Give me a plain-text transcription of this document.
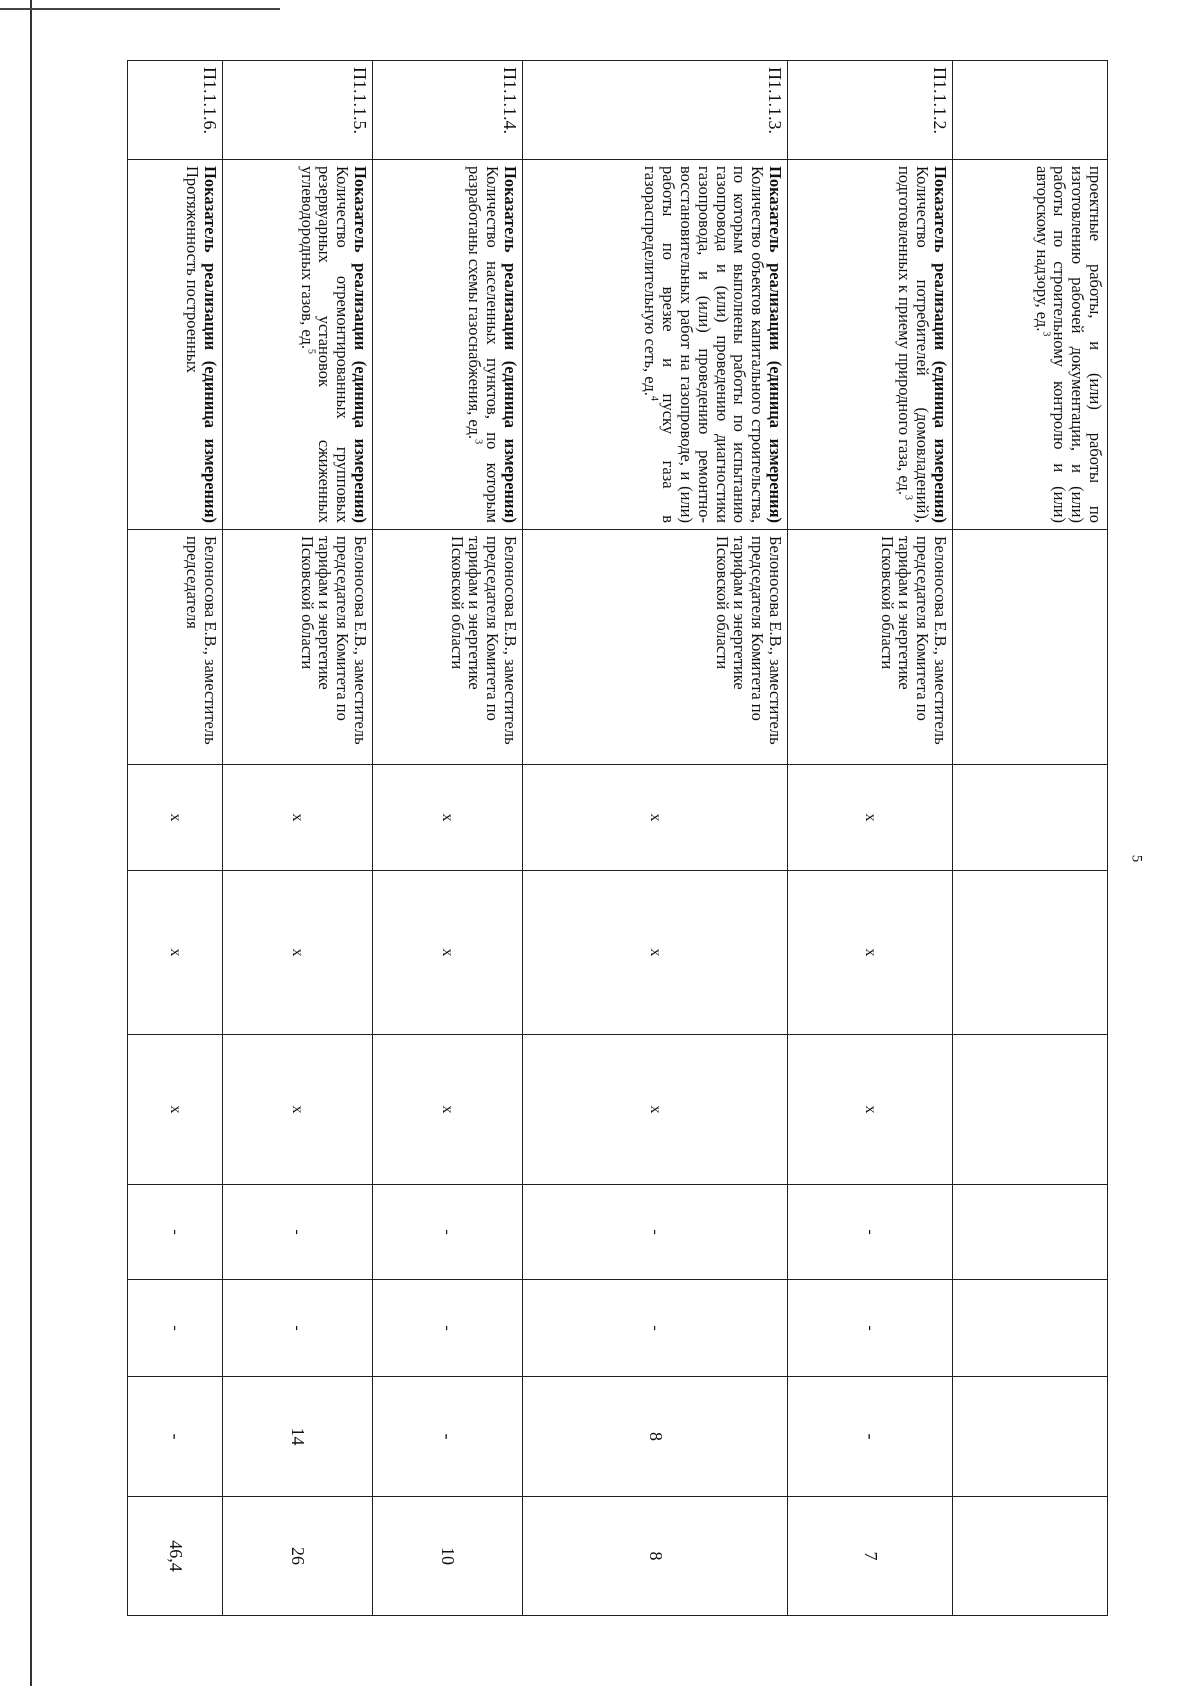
5
	проектные работы, и (или) работы по изготовлению рабочей документации, и (или) работы по строительному контролю и (или) авторскому надзору, ед.$^3$								
П1.1.1.2.	Показатель реализации (единица измерения) Количество потребителей (домовладений), подготовленных к приему природного газа, ед.$^3$	Белоносова Е.В., заместитель председателя Комитета по тарифам и энергетике Псковской области	х	х	х	-	-	-	7
П1.1.1.3.	Показатель реализации (единица измерения) Количество объектов капитального строительства, по которым выполнены работы по испытанию газопровода и (или) проведению диагностики газопровода, и (или) проведению ремонтно-восстановительных работ на газопроводе, и (или) работы по врезке и пуску газа в газораспределительную сеть, ед.$^4$	Белоносова Е.В., заместитель председателя Комитета по тарифам и энергетике Псковской области	х	х	х	-	-	8	8
П1.1.1.4.	Показатель реализации (единица измерения) Количество населенных пунктов, по которым разработаны схемы газоснабжения, ед.$^3$	Белоносова Е.В., заместитель председателя Комитета по тарифам и энергетике Псковской области	х	х	х	-	-	-	10
П1.1.1.5.	Показатель реализации (единица измерения) Количество отремонтированных групповых резервуарных установок сжиженных углеводородных газов, ед.$^5$	Белоносова Е.В., заместитель председателя Комитета по тарифам и энергетике Псковской области	х	х	х	-	-	14	26
П1.1.1.6.	Показатель реализации (единица измерения) Протяженность построенных	Белоносова Е.В., заместитель председателя	х	х	х	-	-	-	46,4
